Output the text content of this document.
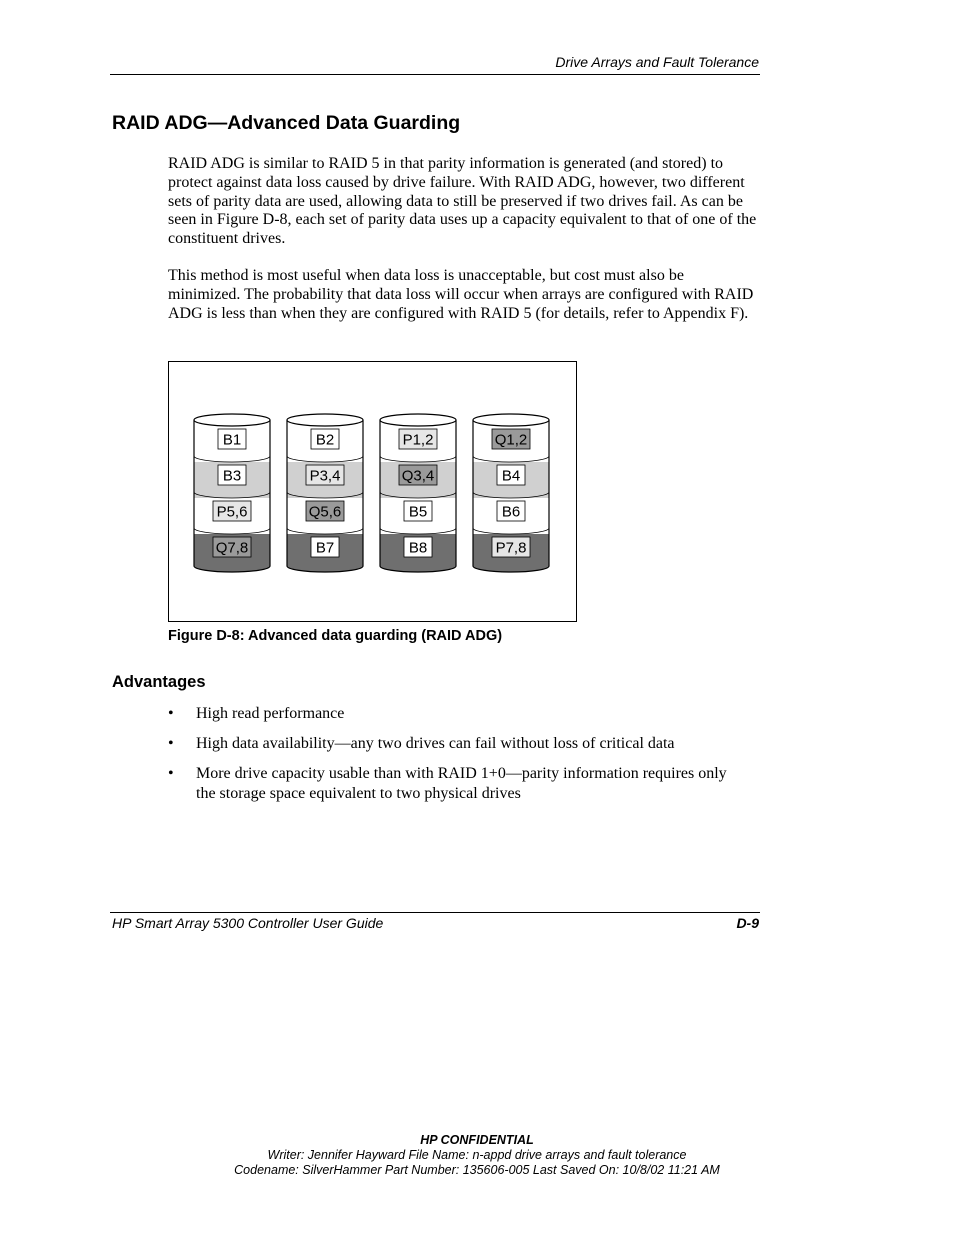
Drive Arrays and Fault Tolerance
RAID ADG—Advanced Data Guarding

RAID ADG is similar to RAID 5 in that parity information is generated (and stored) to protect against data loss caused by drive failure. With RAID ADG, however, two different sets of parity data are used, allowing data to still be preserved if two drives fail. As can be seen in Figure D-8, each set of parity data uses up a capacity equivalent to that of one of the constituent drives.

This method is most useful when data loss is unacceptable, but cost must also be minimized. The probability that data loss will occur when arrays are configured with RAID ADG is less than when they are configured with RAID 5 (for details, refer to Appendix F).

B1
B3
P5,6
Q7,8
B2
P3,4
Q5,6
B7
P1,2
Q3,4
B5
B8
Q1,2
B4
B6
P7,8
Figure D-8: Advanced data guarding (RAID ADG)
Advantages
• High read performance
• High data availability—any two drives can fail without loss of critical data
• More drive capacity usable than with RAID 1+0—parity information requires only the storage space equivalent to two physical drives
HP Smart Array 5300 Controller User Guide	D-9
HP CONFIDENTIAL
Writer: Jennifer Hayward File Name: n-appd drive arrays and fault tolerance
Codename: SilverHammer Part Number: 135606-005 Last Saved On: 10/8/02 11:21 AM
